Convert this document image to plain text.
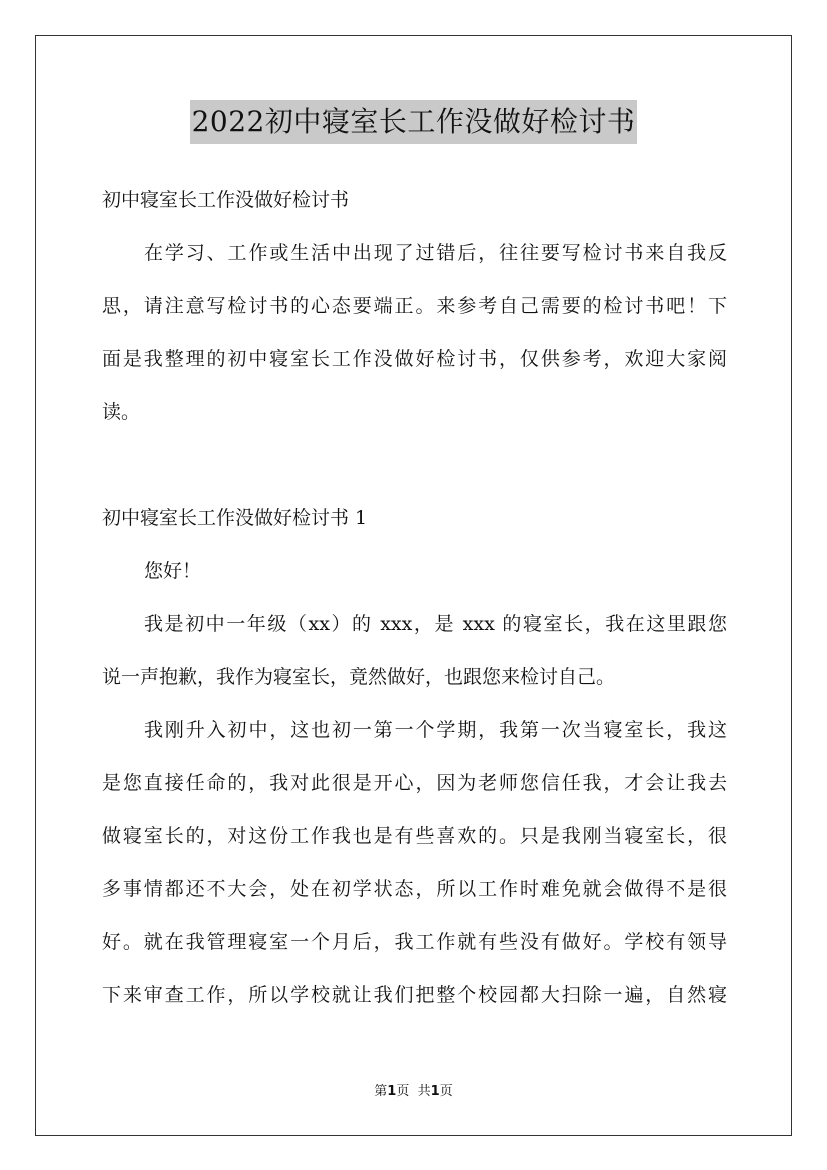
2022初中寝室长工作没做好检讨书
初中寝室长工作没做好检讨书
在学习、工作或生活中出现了过错后，往往要写检讨书来自我反
思，请注意写检讨书的心态要端正。来参考自己需要的检讨书吧！下
面是我整理的初中寝室长工作没做好检讨书，仅供参考，欢迎大家阅
读。
初中寝室长工作没做好检讨书 1
您好！
我是初中一年级（xx）的 xxx，是 xxx 的寝室长，我在这里跟您
说一声抱歉，我作为寝室长，竟然做好，也跟您来检讨自己。
我刚升入初中，这也初一第一个学期，我第一次当寝室长，我这
是您直接任命的，我对此很是开心，因为老师您信任我，才会让我去
做寝室长的，对这份工作我也是有些喜欢的。只是我刚当寝室长，很
多事情都还不大会，处在初学状态，所以工作时难免就会做得不是很
好。就在我管理寝室一个月后，我工作就有些没有做好。学校有领导
下来审查工作，所以学校就让我们把整个校园都大扫除一遍，自然寝
第1页 共1页
